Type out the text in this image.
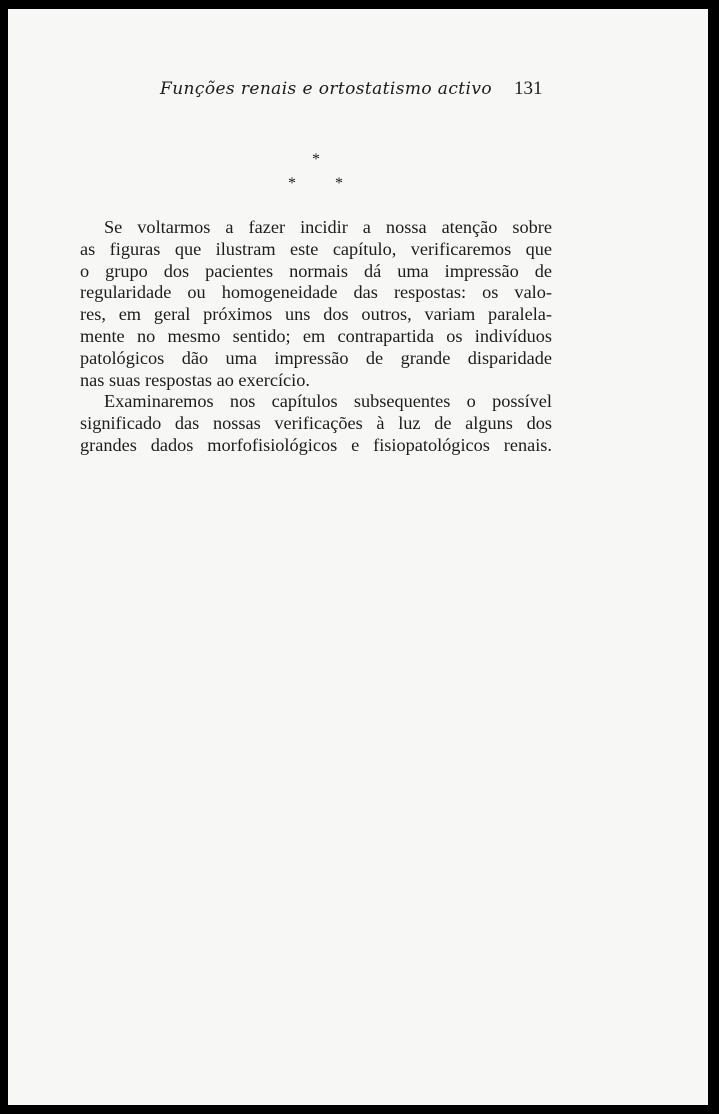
Funções renais e ortostatismo activo 131
*
* *
Se voltarmos a fazer incidir a nossa atenção sobre
as figuras que ilustram este capítulo, verificaremos que
o grupo dos pacientes normais dá uma impressão de
regularidade ou homogeneidade das respostas: os valo-
res, em geral próximos uns dos outros, variam paralela-
mente no mesmo sentido; em contrapartida os indivíduos
patológicos dão uma impressão de grande disparidade
nas suas respostas ao exercício.
Examinaremos nos capítulos subsequentes o possível
significado das nossas verificações à luz de alguns dos
grandes dados morfofisiológicos e fisiopatológicos renais.
